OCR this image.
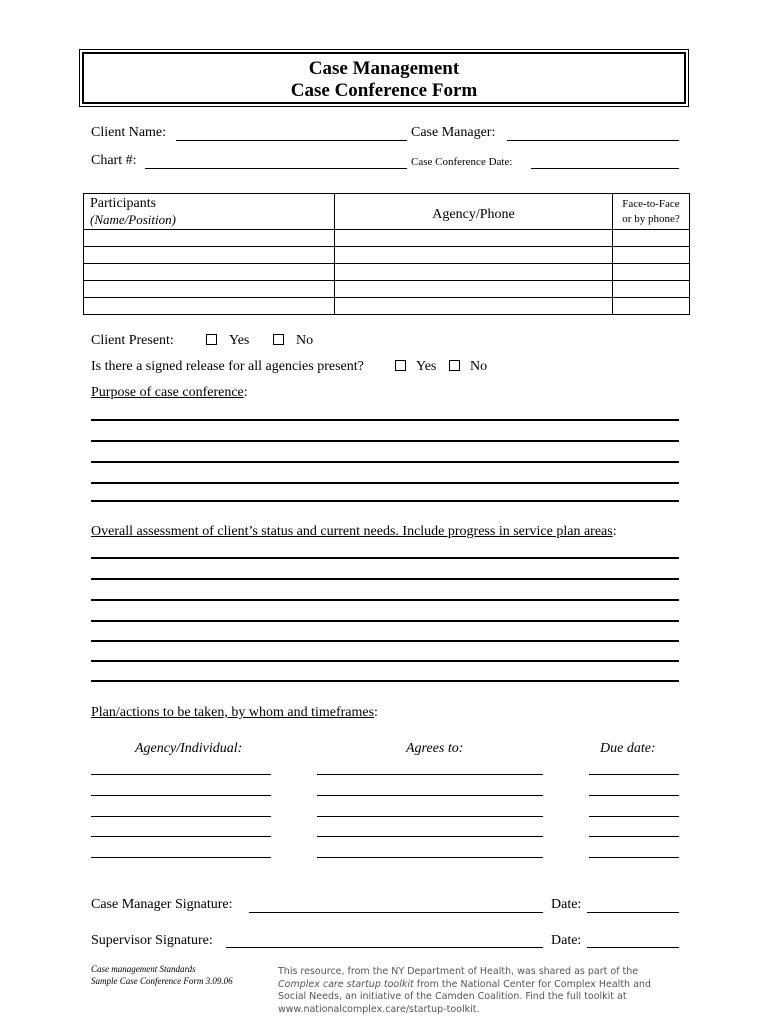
Case Management
Case Conference Form
Client Name:	Case Manager:
Chart #:	Case Conference Date:
Participants
(Name/Position)	Agency/Phone	Face-to-Face
or by phone?

Client Present:	Yes	No
Is there a signed release for all agencies present?	Yes No
Purpose of case conference:
Overall assessment of client’s status and current needs. Include progress in service plan areas:
Plan/actions to be taken, by whom and timeframes:
Agency/Individual:	Agrees to:	Due date:
Case Manager Signature:	Date:
Supervisor Signature:	Date:
Case management Standards
Sample Case Conference Form 3.09.06
This resource, from the NY Department of Health, was shared as part of the Complex care startup toolkit from the National Center for Complex Health and Social Needs, an initiative of the Camden Coalition. Find the full toolkit at www.nationalcomplex.care/startup-toolkit.
